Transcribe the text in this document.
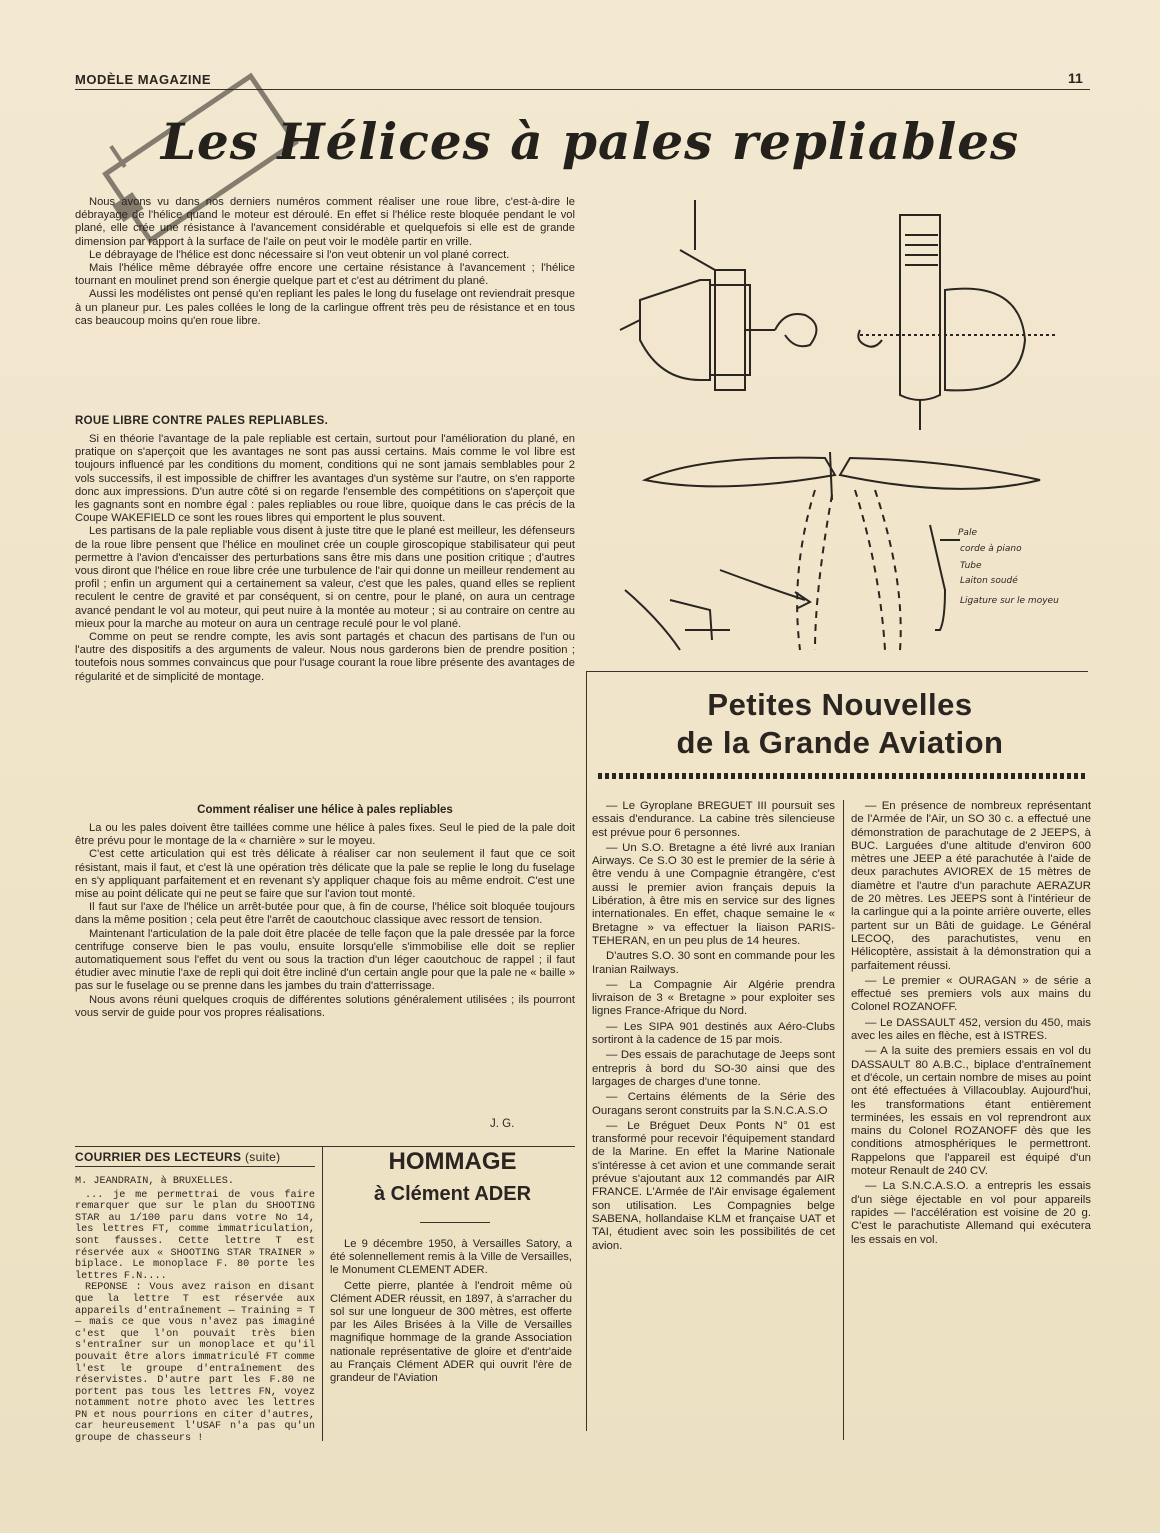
MODÈLE MAGAZINE	11
Les Hélices à pales repliables

Nous avons vu dans nos derniers numéros comment réaliser une roue libre, c'est-à-dire le débrayage de l'hélice quand le moteur est déroulé. En effet si l'hélice reste bloquée pendant le vol plané, elle crée une résistance à l'avancement considérable et quelquefois si elle est de grande dimension par rapport à la surface de l'aile on peut voir le modèle partir en vrille.

Le débrayage de l'hélice est donc nécessaire si l'on veut obtenir un vol plané correct.

Mais l'hélice même débrayée offre encore une certaine résistance à l'avancement ; l'hélice tournant en moulinet prend son énergie quelque part et c'est au détriment du plané.

Aussi les modélistes ont pensé qu'en repliant les pales le long du fuselage ont reviendrait presque à un planeur pur. Les pales collées le long de la carlingue offrent très peu de résistance et en tous cas beaucoup moins qu'en roue libre.

ROUE LIBRE CONTRE PALES REPLIABLES.

Si en théorie l'avantage de la pale repliable est certain, surtout pour l'amélioration du plané, en pratique on s'aperçoit que les avantages ne sont pas aussi certains. Mais comme le vol libre est toujours influencé par les conditions du moment, conditions qui ne sont jamais semblables pour 2 vols successifs, il est impossible de chiffrer les avantages d'un système sur l'autre, on s'en rapporte donc aux impressions. D'un autre côté si on regarde l'ensemble des compétitions on s'aperçoit que les gagnants sont en nombre égal : pales repliables ou roue libre, quoique dans le cas précis de la Coupe WAKEFIELD ce sont les roues libres qui emportent le plus souvent.

Les partisans de la pale repliable vous disent à juste titre que le plané est meilleur, les défenseurs de la roue libre pensent que l'hélice en moulinet crée un couple giroscopique stabilisateur qui peut permettre à l'avion d'encaisser des perturbations sans être mis dans une position critique ; d'autres vous diront que l'hélice en roue libre crée une turbulence de l'air qui donne un meilleur rendement au profil ; enfin un argument qui a certainement sa valeur, c'est que les pales, quand elles se replient reculent le centre de gravité et par conséquent, si on centre, pour le plané, on aura un centrage avancé pendant le vol au moteur, qui peut nuire à la montée au moteur ; si au contraire on centre au mieux pour la marche au moteur on aura un centrage reculé pour le vol plané.

Comme on peut se rendre compte, les avis sont partagés et chacun des partisans de l'un ou l'autre des dispositifs a des arguments de valeur. Nous nous garderons bien de prendre position ; toutefois nous sommes convaincus que pour l'usage courant la roue libre présente des avantages de régularité et de simplicité de montage.

Comment réaliser une hélice à pales repliables

La ou les pales doivent être taillées comme une hélice à pales fixes. Seul le pied de la pale doit être prévu pour le montage de la « charnière » sur le moyeu.

C'est cette articulation qui est très délicate à réaliser car non seulement il faut que ce soit résistant, mais il faut, et c'est là une opération très délicate que la pale se replie le long du fuselage en s'y appliquant parfaitement et en revenant s'y appliquer chaque fois au même endroit. C'est une mise au point délicate qui ne peut se faire que sur l'avion tout monté.

Il faut sur l'axe de l'hélice un arrêt-butée pour que, à fin de course, l'hélice soit bloquée toujours dans la même position ; cela peut être l'arrêt de caoutchouc classique avec ressort de tension.

Maintenant l'articulation de la pale doit être placée de telle façon que la pale dressée par la force centrifuge conserve bien le pas voulu, ensuite lorsqu'elle s'immobilise elle doit se replier automatiquement sous l'effet du vent ou sous la traction d'un léger caoutchouc de rappel ; il faut étudier avec minutie l'axe de repli qui doit être incliné d'un certain angle pour que la pale ne « baille » pas sur le fuselage ou se prenne dans les jambes du train d'atterrissage.

Nous avons réuni quelques croquis de différentes solutions généralement utilisées ; ils pourront vous servir de guide pour vos propres réalisations.

J. G.
Pale
corde à piano
Tube
Laiton soudé
Ligature sur le moyeu
Petites Nouvelles
de la Grande Aviation

— Le Gyroplane BREGUET III poursuit ses essais d'endurance. La cabine très silencieuse est prévue pour 6 personnes.

— Un S.O. Bretagne a été livré aux Iranian Airways. Ce S.O 30 est le premier de la série à être vendu à une Compagnie étrangère, c'est aussi le premier avion français depuis la Libération, à être mis en service sur des lignes internationales. En effet, chaque semaine le « Bretagne » va effectuer la liaison PARIS-TEHERAN, en un peu plus de 14 heures.

D'autres S.O. 30 sont en commande pour les Iranian Railways.

— La Compagnie Air Algérie prendra livraison de 3 « Bretagne » pour exploiter ses lignes France-Afrique du Nord.

— Les SIPA 901 destinés aux Aéro-Clubs sortiront à la cadence de 15 par mois.

— Des essais de parachutage de Jeeps sont entrepris à bord du SO-30 ainsi que des largages de charges d'une tonne.

— Certains éléments de la Série des Ouragans seront construits par la S.N.C.A.S.O

— Le Bréguet Deux Ponts N° 01 est transformé pour recevoir l'équipement standard de la Marine. En effet la Marine Nationale s'intéresse à cet avion et une commande serait prévue s'ajoutant aux 12 commandés par AIR FRANCE. L'Armée de l'Air envisage également son utilisation. Les Compagnies belge SABENA, hollandaise KLM et française UAT et TAI, étudient avec soin les possibilités de cet avion.

— En présence de nombreux représentant de l'Armée de l'Air, un SO 30 c. a effectué une démonstration de parachutage de 2 JEEPS, à BUC. Larguées d'une altitude d'environ 600 mètres une JEEP a été parachutée à l'aide de deux parachutes AVIOREX de 15 mètres de diamètre et l'autre d'un parachute AERAZUR de 20 mètres. Les JEEPS sont à l'intérieur de la carlingue qui a la pointe arrière ouverte, elles partent sur un Bâti de guidage. Le Général LECOQ, des parachutistes, venu en Hélicoptère, assistait à la démonstration qui a parfaitement réussi.

— Le premier « OURAGAN » de série a effectué ses premiers vols aux mains du Colonel ROZANOFF.

— Le DASSAULT 452, version du 450, mais avec les ailes en flèche, est à ISTRES.

— A la suite des premiers essais en vol du DASSAULT 80 A.B.C., biplace d'entraînement et d'école, un certain nombre de mises au point ont été effectuées à Villacoublay. Aujourd'hui, les transformations étant entièrement terminées, les essais en vol reprendront aux mains du Colonel ROZANOFF dès que les conditions atmosphériques le permettront. Rappelons que l'appareil est équipé d'un moteur Renault de 240 CV.

— La S.N.C.A.S.O. a entrepris les essais d'un siège éjectable en vol pour appareils rapides — l'accélération est voisine de 20 g. C'est le parachutiste Allemand qui exécutera les essais en vol.

COURRIER DES LECTEURS (suite)
M. JEANDRAIN, à BRUXELLES.

... je me permettrai de vous faire remarquer que sur le plan du SHOOTING STAR au 1/100 paru dans votre No 14, les lettres FT, comme immatriculation, sont fausses. Cette lettre T est réservée aux « SHOOTING STAR TRAINER » biplace. Le monoplace F. 80 porte les lettres F.N....

REPONSE : Vous avez raison en disant que la lettre T est réservée aux appareils d'entraînement — Training = T — mais ce que vous n'avez pas imaginé c'est que l'on pouvait très bien s'entraîner sur un monoplace et qu'il pouvait être alors immatriculé FT comme l'est le groupe d'entraînement des réservistes. D'autre part les F.80 ne portent pas tous les lettres FN, voyez notamment notre photo avec les lettres PN et nous pourrions en citer d'autres, car heureusement l'USAF n'a pas qu'un groupe de chasseurs !

HOMMAGE
à Clément ADER

Le 9 décembre 1950, à Versailles Satory, a été solennellement remis à la Ville de Versailles, le Monument CLEMENT ADER.

Cette pierre, plantée à l'endroit même où Clément ADER réussit, en 1897, à s'arracher du sol sur une longueur de 300 mètres, est offerte par les Ailes Brisées à la Ville de Versailles magnifique hommage de la grande Association nationale représentative de gloire et d'entr'aide au Français Clément ADER qui ouvrit l'ère de grandeur de l'Aviation
